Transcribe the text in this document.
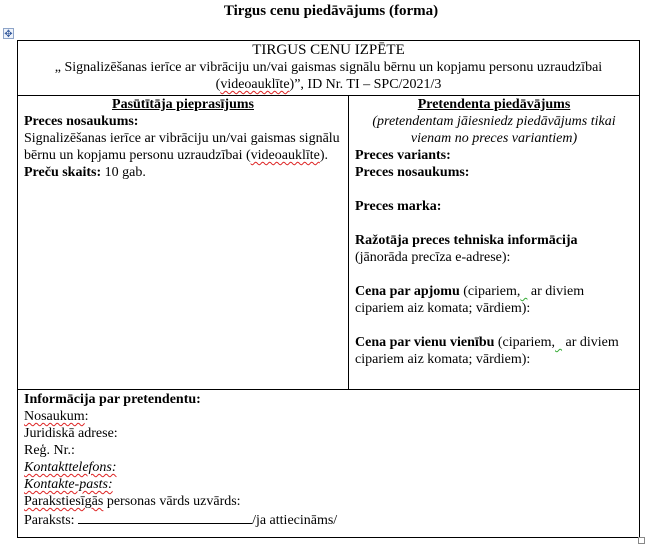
Tirgus cenu piedāvājums (forma)
✥
TIRGUS CENU IZPĒTE
„ Signalizēšanas ierīce ar vibrāciju un/vai gaismas signālu bērnu un kopjamu personu uzraudzībai (videoauklīte)”, ID Nr. TI – SPC/2021/3

Pasūtītāja pieprasījums
Preces nosaukums:
Signalizēšanas ierīce ar vibrāciju un/vai gaismas signālu bērnu un kopjamu personu uzraudzībai (videoauklīte).
Preču skaits: 10 gab.

Pretendenta piedāvājums
(pretendentam jāiesniedz piedāvājums tikai vienam no preces variantiem)
Preces variants:
Preces nosaukums:
Preces marka:
Ražotāja preces tehniska informācija
(jānorāda precīza e-adrese):
Cena par apjomu (cipariem,   ar diviem cipariem aiz komata; vārdiem):
Cena par vienu vienību (cipariem,   ar diviem cipariem aiz komata; vārdiem):

Informācija par pretendentu:
Nosaukum:
Juridiskā adrese:
Reģ. Nr.:
Kontakttelefons:
Kontakte-pasts:
Parakstiesīgās personas vārds uzvārds:
Paraksts:	/ja attiecināms/
